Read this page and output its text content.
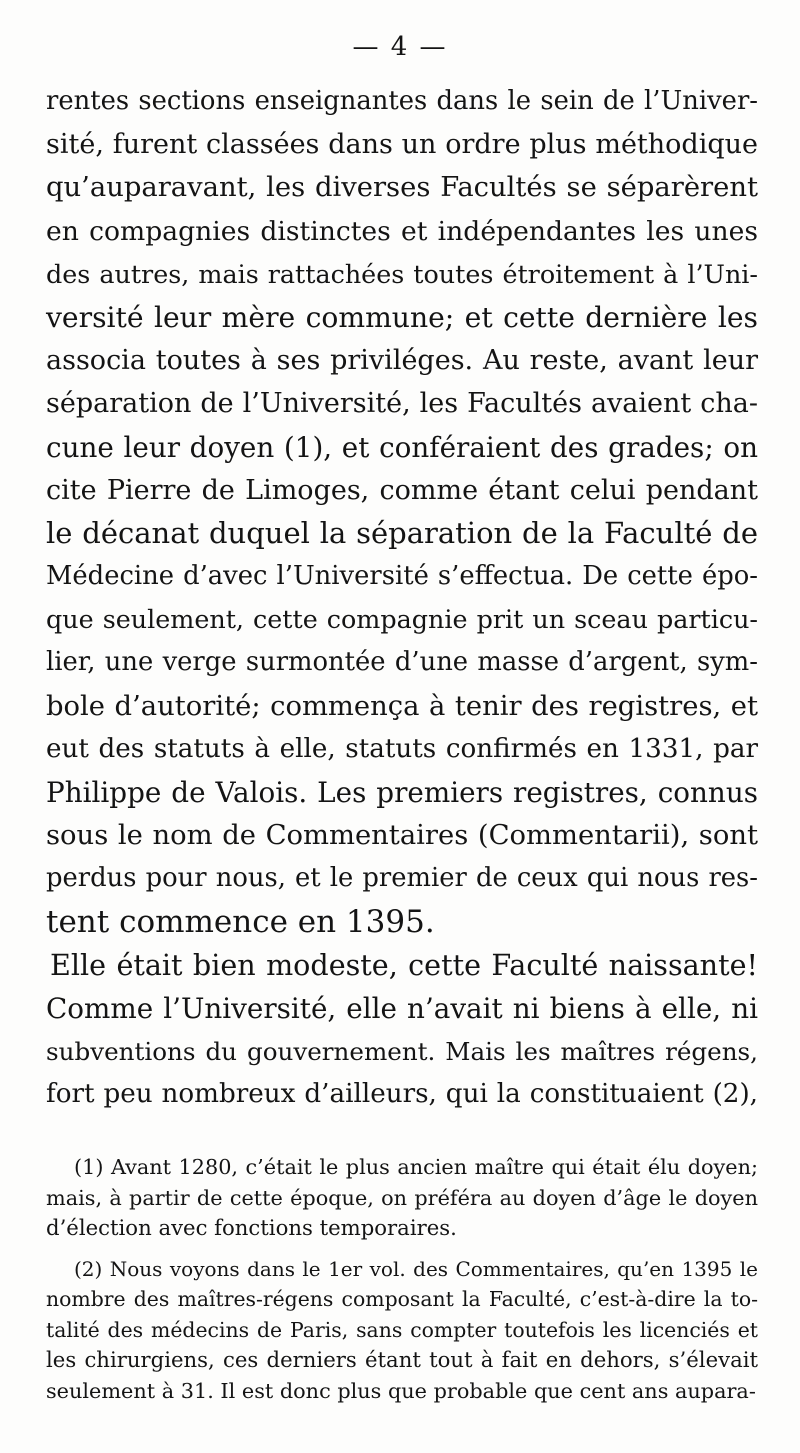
— 4 —
rentes sections enseignantes dans le sein de l’Univer-
sité, furent classées dans un ordre plus méthodique
qu’auparavant, les diverses Facultés se séparèrent
en compagnies distinctes et indépendantes les unes
des autres, mais rattachées toutes étroitement à l’Uni-
versité leur mère commune; et cette dernière les
associa toutes à ses priviléges. Au reste, avant leur
séparation de l’Université, les Facultés avaient cha-
cune leur doyen (1), et conféraient des grades; on
cite Pierre de Limoges, comme étant celui pendant
le décanat duquel la séparation de la Faculté de
Médecine d’avec l’Université s’effectua. De cette épo-
que seulement, cette compagnie prit un sceau particu-
lier, une verge surmontée d’une masse d’argent, sym-
bole d’autorité; commença à tenir des registres, et
eut des statuts à elle, statuts confirmés en 1331, par
Philippe de Valois. Les premiers registres, connus
sous le nom de Commentaires (Commentarii), sont
perdus pour nous, et le premier de ceux qui nous res-
tent commence en 1395.
Elle était bien modeste, cette Faculté naissante!
Comme l’Université, elle n’avait ni biens à elle, ni
subventions du gouvernement. Mais les maîtres régens,
fort peu nombreux d’ailleurs, qui la constituaient (2),
(1) Avant 1280, c’était le plus ancien maître qui était élu doyen;
mais, à partir de cette époque, on préféra au doyen d’âge le doyen
d’élection avec fonctions temporaires.
(2) Nous voyons dans le 1er vol. des Commentaires, qu’en 1395 le
nombre des maîtres-régens composant la Faculté, c’est-à-dire la to-
talité des médecins de Paris, sans compter toutefois les licenciés et
les chirurgiens, ces derniers étant tout à fait en dehors, s’élevait
seulement à 31. Il est donc plus que probable que cent ans aupara-
